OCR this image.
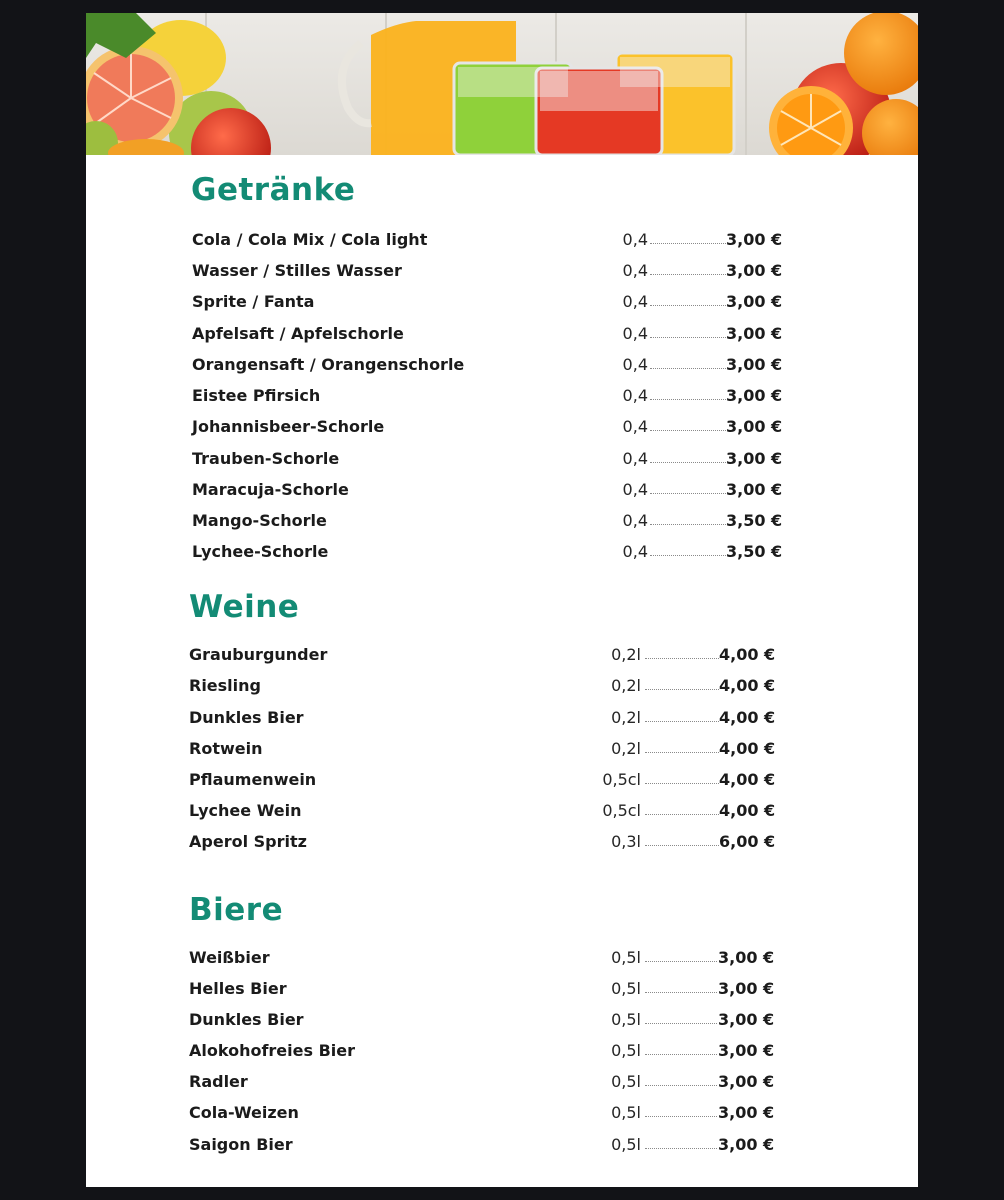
Getränke
Cola / Cola Mix / Cola light	0,4	3,00 €
Wasser / Stilles Wasser	0,4	3,00 €
Sprite / Fanta	0,4	3,00 €
Apfelsaft / Apfelschorle	0,4	3,00 €
Orangensaft / Orangenschorle	0,4	3,00 €
Eistee Pfirsich	0,4	3,00 €
Johannisbeer-Schorle	0,4	3,00 €
Trauben-Schorle	0,4	3,00 €
Maracuja-Schorle	0,4	3,00 €
Mango-Schorle	0,4	3,50 €
Lychee-Schorle	0,4	3,50 €
Weine
Grauburgunder	0,2l	4,00 €
Riesling	0,2l	4,00 €
Dunkles Bier	0,2l	4,00 €
Rotwein	0,2l	4,00 €
Pflaumenwein	0,5cl	4,00 €
Lychee Wein	0,5cl	4,00 €
Aperol Spritz	0,3l	6,00 €
Biere
Weißbier	0,5l	3,00 €
Helles Bier	0,5l	3,00 €
Dunkles Bier	0,5l	3,00 €
Alokohofreies Bier	0,5l	3,00 €
Radler	0,5l	3,00 €
Cola-Weizen	0,5l	3,00 €
Saigon Bier	0,5l	3,00 €
